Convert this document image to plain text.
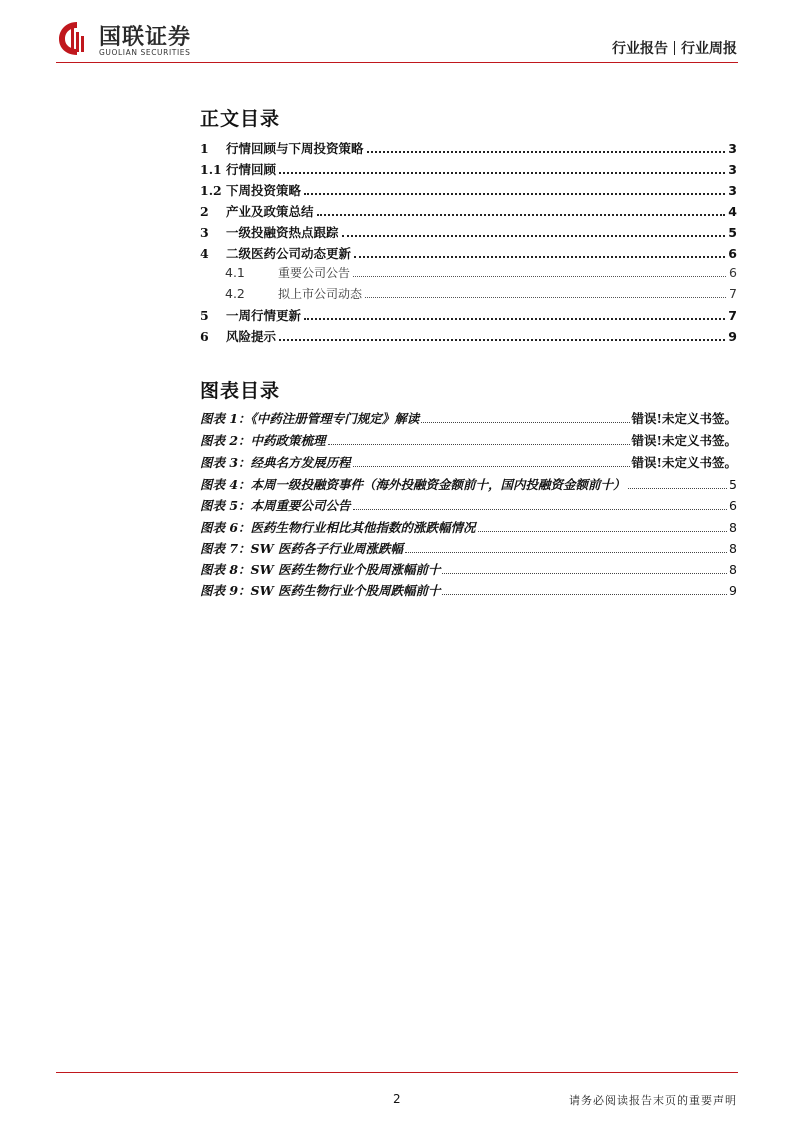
国联证券
GUOLIAN SECURITIES	行业报告 行业周报
正文目录
1	行情回顾与下周投资策略	3
1.1 行情回顾	3
1.2 下周投资策略	3
2	产业及政策总结	4
3	一级投融资热点跟踪	5
4	二级医药公司动态更新	6
4.1	重要公司公告	6
4.2	拟上市公司动态	7
5	一周行情更新	7
6	风险提示	9
图表目录
图表 1：《中药注册管理专门规定》解读	错误!未定义书签。
图表 2：中药政策梳理	错误!未定义书签。
图表 3：经典名方发展历程	错误!未定义书签。
图表 4：本周一级投融资事件（海外投融资金额前十，国内投融资金额前十）	5
图表 5：本周重要公司公告	6
图表 6：医药生物行业相比其他指数的涨跌幅情况	8
图表 7：SW 医药各子行业周涨跌幅	8
图表 8：SW 医药生物行业个股周涨幅前十	8
图表 9：SW 医药生物行业个股周跌幅前十	9
2	请务必阅读报告末页的重要声明
